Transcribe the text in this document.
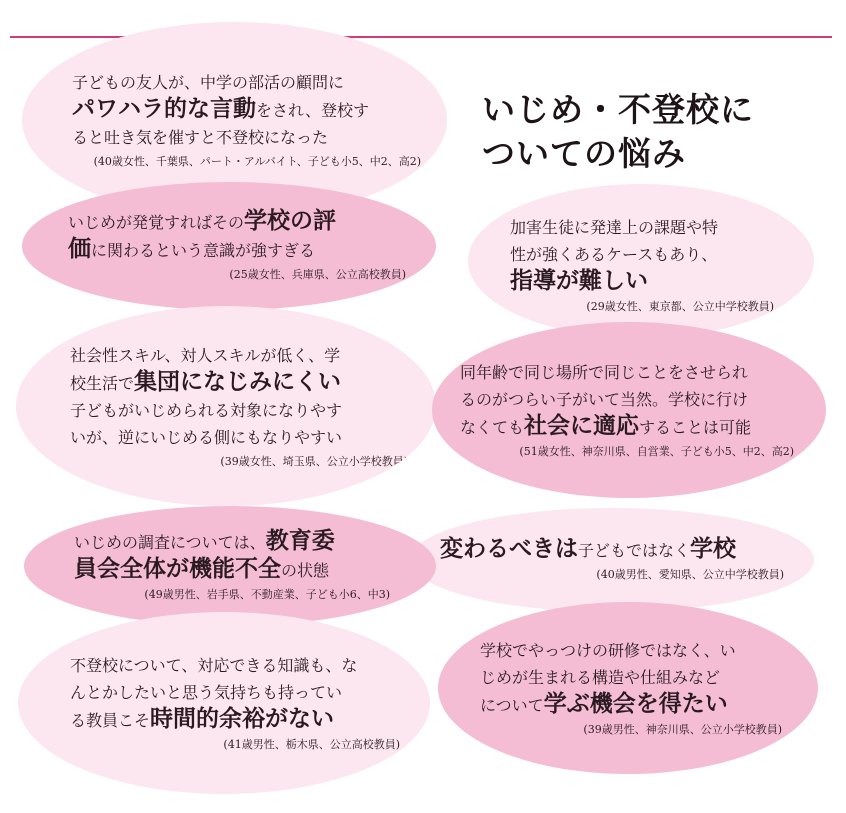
子どもの友人が、中学の部活の顧問に
パワハラ的な言動をされ、登校す
ると吐き気を催すと不登校になった
(40歳女性、千葉県、パート・アルバイト、子ども小5、中2、高2)
加害生徒に発達上の課題や特
性が強くあるケースもあり、
指導が難しい
(29歳女性、東京都、公立中学校教員)
いじめが発覚すればその学校の評
価に関わるという意識が強すぎる
(25歳女性、兵庫県、公立高校教員)
社会性スキル、対人スキルが低く、学
校生活で集団になじみにくい
子どもがいじめられる対象になりやす
いが、逆にいじめる側にもなりやすい
(39歳女性、埼玉県、公立小学校教員)
同年齢で同じ場所で同じことをさせられ
るのがつらい子がいて当然。学校に行け
なくても社会に適応することは可能
(51歳女性、神奈川県、自営業、子ども小5、中2、高2)
変わるべきは子どもではなく学校
(40歳男性、愛知県、公立中学校教員)
いじめの調査については、教育委
員会全体が機能不全の状態
(49歳男性、岩手県、不動産業、子ども小6、中3)
不登校について、対応できる知識も、な
んとかしたいと思う気持ちも持ってい
る教員こそ時間的余裕がない
(41歳男性、栃木県、公立高校教員)
学校でやっつけの研修ではなく、い
じめが生まれる構造や仕組みなど
について学ぶ機会を得たい
(39歳男性、神奈川県、公立小学校教員)
いじめ・不登校に
ついての悩み
